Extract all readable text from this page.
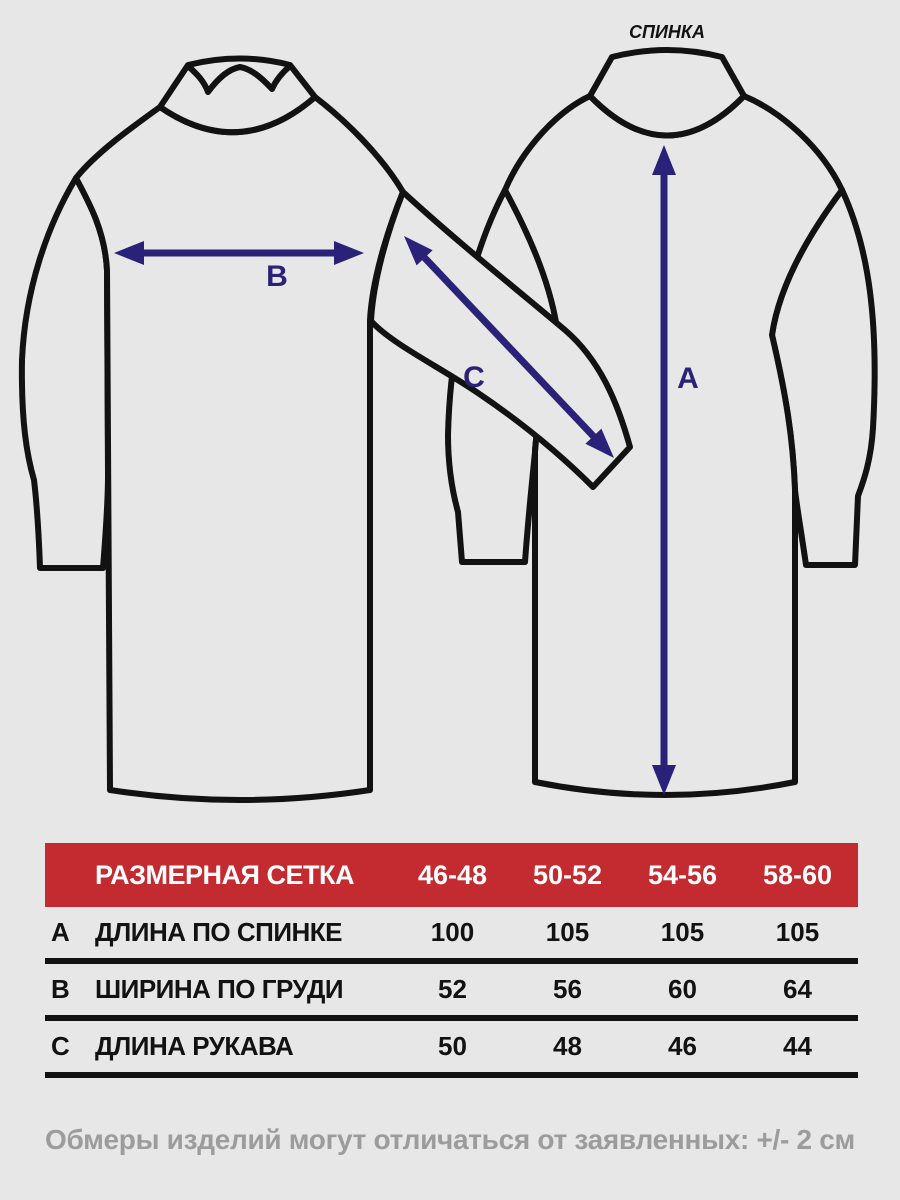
В
С	А
СПИНКА
РАЗМЕРНАЯ СЕТКА	46-48	50-52	54-56	58-60
А ДЛИНА ПО СПИНКЕ	100	105	105	105
В ШИРИНА ПО ГРУДИ	52	56	60	64
С ДЛИНА РУКАВА	50	48	46	44
Обмеры изделий могут отличаться от заявленных: +/- 2 см
